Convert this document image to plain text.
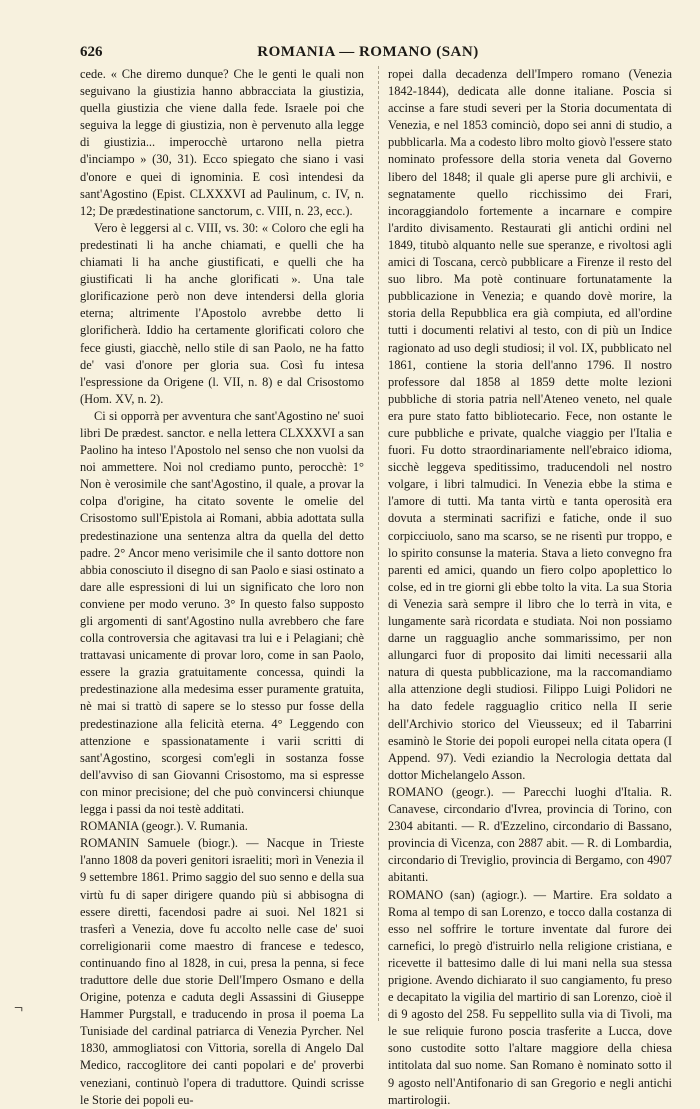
626	ROMANIA — ROMANO (SAN)

cede. « Che diremo dunque? Che le genti le quali non seguivano la giustizia hanno abbracciata la giustizia, quella giustizia che viene dalla fede. Israele poi che seguiva la legge di giustizia, non è pervenuto alla legge di giustizia... imperocchè urtarono nella pietra d'inciampo » (30, 31). Ecco spiegato che siano i vasi d'onore e quei di ignominia. E così intendesi da sant'Agostino (Epist. CLXXXVI ad Paulinum, c. IV, n. 12; De prædestinatione sanctorum, c. VIII, n. 23, ecc.).

Vero è leggersi al c. VIII, vs. 30: « Coloro che egli ha predestinati li ha anche chiamati, e quelli che ha chiamati li ha anche giustificati, e quelli che ha giustificati li ha anche glorificati ». Una tale glorificazione però non deve intendersi della gloria eterna; altrimente l'Apostolo avrebbe detto li glorificherà. Iddio ha certamente glorificati coloro che fece giusti, giacchè, nello stile di san Paolo, ne ha fatto de' vasi d'onore per gloria sua. Così fu intesa l'espressione da Origene (l. VII, n. 8) e dal Crisostomo (Hom. XV, n. 2).

Ci si opporrà per avventura che sant'Agostino ne' suoi libri De prædest. sanctor. e nella lettera CLXXXVI a san Paolino ha inteso l'Apostolo nel senso che non vuolsi da noi ammettere. Noi nol crediamo punto, perocchè: 1° Non è verosimile che sant'Agostino, il quale, a provar la colpa d'origine, ha citato sovente le omelie del Crisostomo sull'Epistola ai Romani, abbia adottata sulla predestinazione una sentenza altra da quella del detto padre. 2° Ancor meno verisimile che il santo dottore non abbia conosciuto il disegno di san Paolo e siasi ostinato a dare alle espressioni di lui un significato che loro non conviene per modo veruno. 3° In questo falso supposto gli argomenti di sant'Agostino nulla avrebbero che fare colla controversia che agitavasi tra lui e i Pelagiani; chè trattavasi unicamente di provar loro, come in san Paolo, essere la grazia gratuitamente concessa, quindi la predestinazione alla medesima esser puramente gratuita, nè mai si trattò di sapere se lo stesso pur fosse della predestinazione alla felicità eterna. 4° Leggendo con attenzione e spassionatamente i varii scritti di sant'Agostino, scorgesi com'egli in sostanza fosse dell'avviso di san Giovanni Crisostomo, ma si espresse con minor precisione; del che può convincersi chiunque legga i passi da noi testè additati.

ROMANIA (geogr.). V. Rumania.

ROMANIN Samuele (biogr.). — Nacque in Trieste l'anno 1808 da poveri genitori israeliti; morì in Venezia il 9 settembre 1861. Primo saggio del suo senno e della sua virtù fu di saper dirigere quando più si abbisogna di essere diretti, facendosi padre ai suoi. Nel 1821 si trasferì a Venezia, dove fu accolto nelle case de' suoi correligionarii come maestro di francese e tedesco, continuando fino al 1828, in cui, presa la penna, si fece traduttore delle due storie Dell'Impero Osmano e della Origine, potenza e caduta degli Assassini di Giuseppe Hammer Purgstall, e traducendo in prosa il poema La Tunisiade del cardinal patriarca di Venezia Pyrcher. Nel 1830, ammogliatosi con Vittoria, sorella di Angelo Dal Medico, raccoglitore dei canti popolari e de' proverbi veneziani, continuò l'opera di traduttore. Quindi scrisse le Storie dei popoli eu-

ropei dalla decadenza dell'Impero romano (Venezia 1842-1844), dedicata alle donne italiane. Poscia si accinse a fare studi severi per la Storia documentata di Venezia, e nel 1853 cominciò, dopo sei anni di studio, a pubblicarla. Ma a codesto libro molto giovò l'essere stato nominato professore della storia veneta dal Governo libero del 1848; il quale gli aperse pure gli archivii, e segnatamente quello ricchissimo dei Frari, incoraggiandolo fortemente a incarnare e compire l'ardito divisamento. Restaurati gli antichi ordini nel 1849, titubò alquanto nelle sue speranze, e rivoltosi agli amici di Toscana, cercò pubblicare a Firenze il resto del suo libro. Ma potè continuare fortunatamente la pubblicazione in Venezia; e quando dovè morire, la storia della Repubblica era già compiuta, ed all'ordine tutti i documenti relativi al testo, con di più un Indice ragionato ad uso degli studiosi; il vol. IX, pubblicato nel 1861, contiene la storia dell'anno 1796. Il nostro professore dal 1858 al 1859 dette molte lezioni pubbliche di storia patria nell'Ateneo veneto, nel quale era pure stato fatto bibliotecario. Fece, non ostante le cure pubbliche e private, qualche viaggio per l'Italia e fuori. Fu dotto straordinariamente nell'ebraico idioma, sicchè leggeva speditissimo, traducendoli nel nostro volgare, i libri talmudici. In Venezia ebbe la stima e l'amore di tutti. Ma tanta virtù e tanta operosità era dovuta a sterminati sacrifizi e fatiche, onde il suo corpicciuolo, sano ma scarso, se ne risentì pur troppo, e lo spirito consunse la materia. Stava a lieto convegno fra parenti ed amici, quando un fiero colpo apoplettico lo colse, ed in tre giorni gli ebbe tolto la vita. La sua Storia di Venezia sarà sempre il libro che lo terrà in vita, e lungamente sarà ricordata e studiata. Noi non possiamo darne un ragguaglio anche sommarissimo, per non allungarci fuor di proposito dai limiti necessarii alla natura di questa pubblicazione, ma la raccomandiamo alla attenzione degli studiosi. Filippo Luigi Polidori ne ha dato fedele ragguaglio critico nella II serie dell'Archivio storico del Vieusseux; ed il Tabarrini esaminò le Storie dei popoli europei nella citata opera (I Append. 97). Vedi eziandio la Necrologia dettata dal dottor Michelangelo Asson.

ROMANO (geogr.). — Parecchi luoghi d'Italia. R. Canavese, circondario d'Ivrea, provincia di Torino, con 2304 abitanti. — R. d'Ezzelino, circondario di Bassano, provincia di Vicenza, con 2887 abit. — R. di Lombardia, circondario di Treviglio, provincia di Bergamo, con 4907 abitanti.

ROMANO (san) (agiogr.). — Martire. Era soldato a Roma al tempo di san Lorenzo, e tocco dalla costanza di esso nel soffrire le torture inventate dal furore dei carnefici, lo pregò d'istruirlo nella religione cristiana, e ricevette il battesimo dalle di lui mani nella sua stessa prigione. Avendo dichiarato il suo cangiamento, fu preso e decapitato la vigilia del martirio di san Lorenzo, cioè il di 9 agosto del 258. Fu seppellito sulla via di Tivoli, ma le sue reliquie furono poscia trasferite a Lucca, dove sono custodite sotto l'altare maggiore della chiesa intitolata dal suo nome. San Romano è nominato sotto il 9 agosto nell'Antifonario di san Gregorio e negli antichi martirologii.

¬
